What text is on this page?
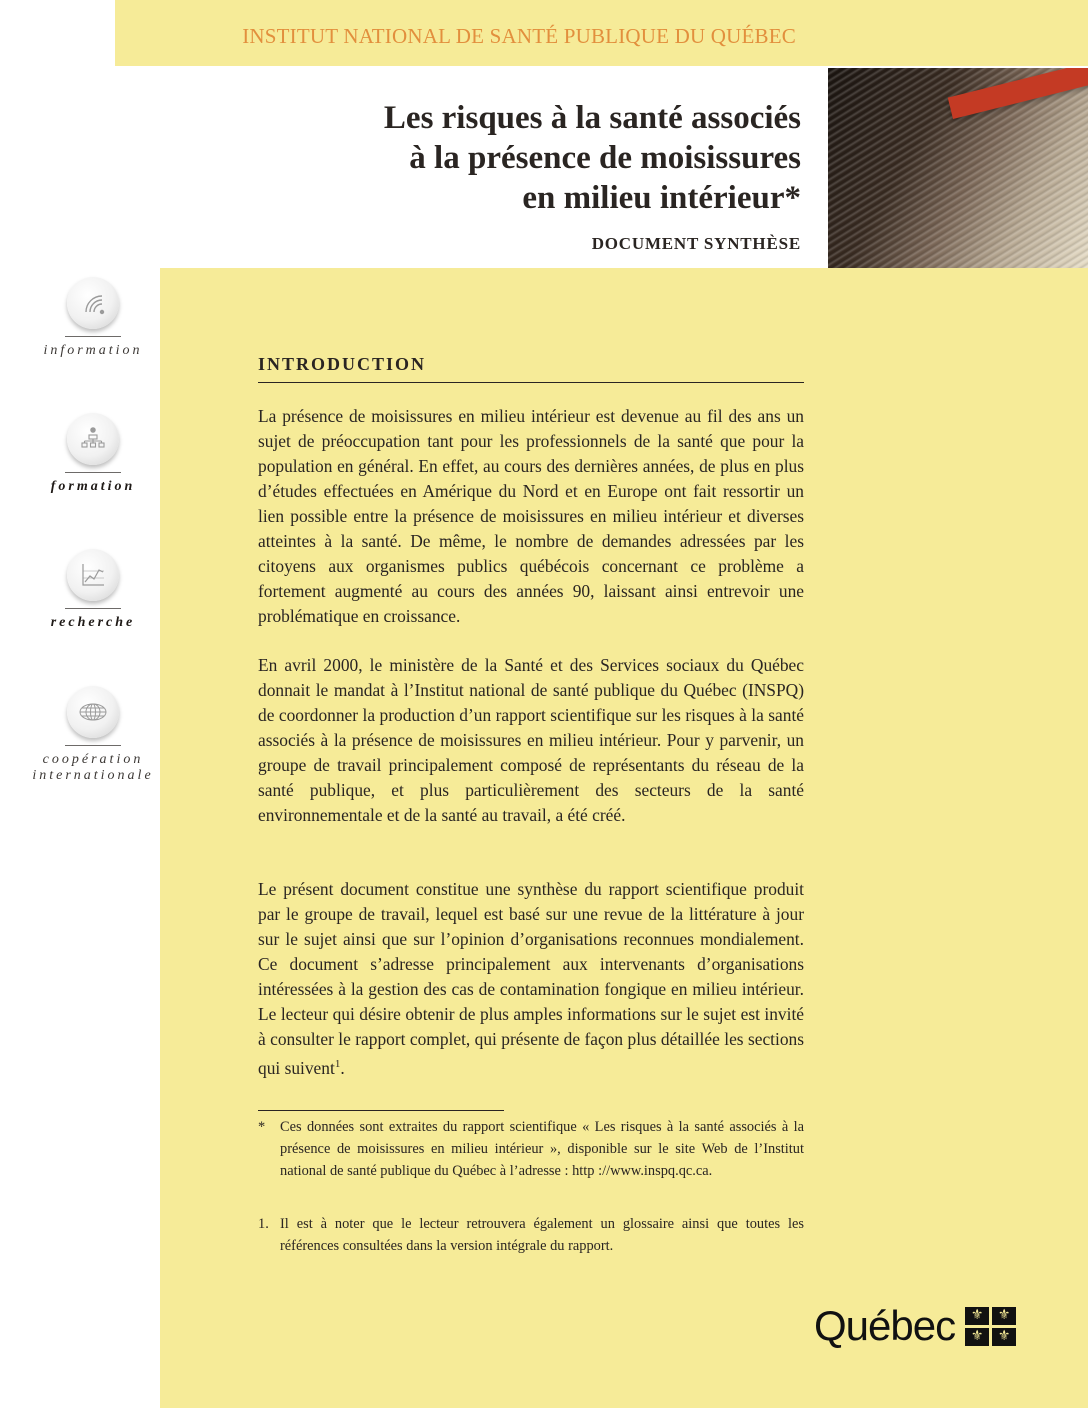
INSTITUT NATIONAL DE SANTÉ PUBLIQUE DU QUÉBEC
Les risques à la santé associés
à la présence de moisissures
en milieu intérieur*
DOCUMENT SYNTHÈSE
information
formation
recherche
coopération
internationale
INTRODUCTION

La présence de moisissures en milieu intérieur est devenue au fil des ans un sujet de préoccupation tant pour les professionnels de la santé que pour la population en général. En effet, au cours des dernières années, de plus en plus d’études effectuées en Amérique du Nord et en Europe ont fait ressortir un lien possible entre la présence de moisissures en milieu intérieur et diverses atteintes à la santé. De même, le nombre de demandes adressées par les citoyens aux organismes publics québécois concernant ce problème a fortement augmenté au cours des années 90, laissant ainsi entrevoir une problématique en croissance.

En avril 2000, le ministère de la Santé et des Services sociaux du Québec donnait le mandat à l’Institut national de santé publique du Québec (INSPQ) de coordonner la production d’un rapport scientifique sur les risques à la santé associés à la présence de moisissures en milieu intérieur. Pour y parvenir, un groupe de travail principalement composé de représentants du réseau de la santé publique, et plus particulièrement des secteurs de la santé environnementale et de la santé au travail, a été créé.

Le présent document constitue une synthèse du rapport scientifique produit par le groupe de travail, lequel est basé sur une revue de la littérature à jour sur le sujet ainsi que sur l’opinion d’organisations reconnues mondialement. Ce document s’adresse principalement aux intervenants d’organisations intéressées à la gestion des cas de contamination fongique en milieu intérieur. Le lecteur qui désire obtenir de plus amples informations sur le sujet est invité à consulter le rapport complet, qui présente de façon plus détaillée les sections qui suivent$^1$.

* Ces données sont extraites du rapport scientifique « Les risques à la santé associés à la présence de moisissures en milieu intérieur », disponible sur le site Web de l’Institut national de santé publique du Québec à l’adresse : http ://www.inspq.qc.ca.
1. Il est à noter que le lecteur retrouvera également un glossaire ainsi que toutes les références consultées dans la version intégrale du rapport.
Québec	⚜	⚜
⚜	⚜
